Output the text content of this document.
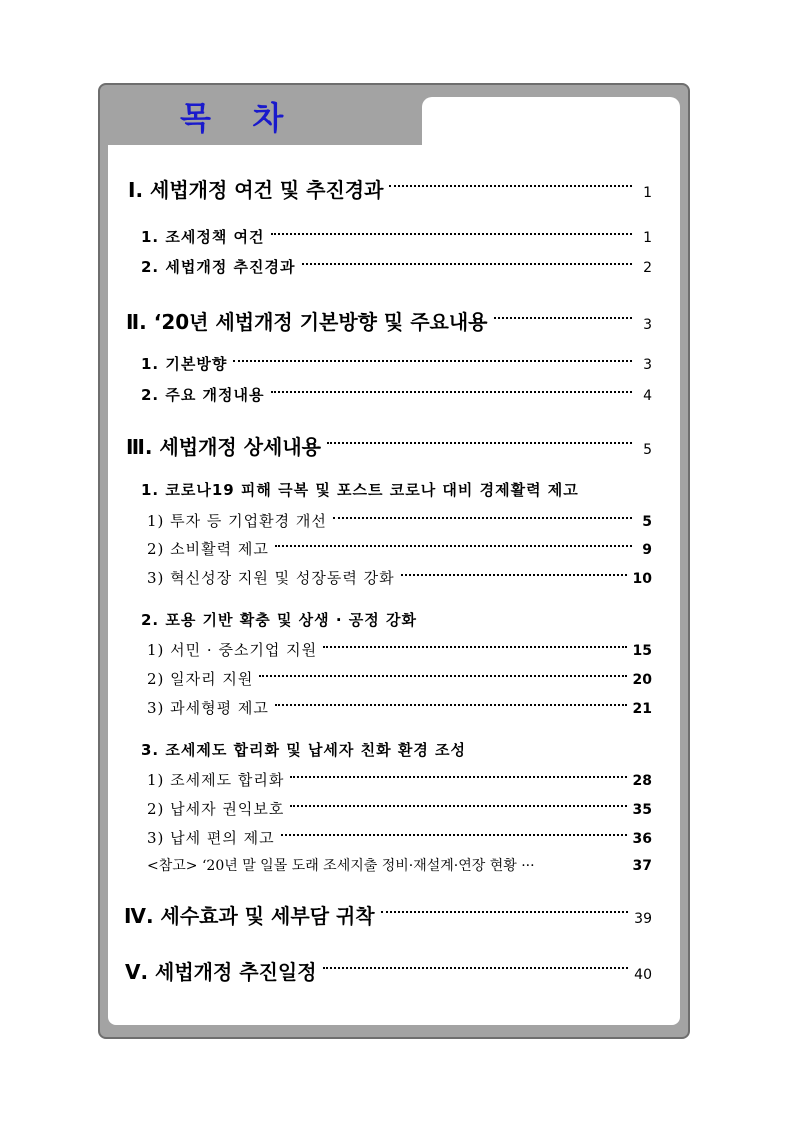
목   차
Ⅰ. 세법개정 여건 및 추진경과	1
1. 조세정책 여건	1
2. 세법개정 추진경과	2
Ⅱ. ‘20년 세법개정 기본방향 및 주요내용	3
1. 기본방향	3
2. 주요 개정내용	4
Ⅲ. 세법개정 상세내용	5
1. 코로나19 피해 극복 및 포스트 코로나 대비 경제활력 제고
1) 투자 등 기업환경 개선	5
2) 소비활력 제고	9
3) 혁신성장 지원 및 성장동력 강화	10
2. 포용 기반 확충 및 상생 · 공정 강화
1) 서민 · 중소기업 지원	15
2) 일자리 지원	20
3) 과세형평 제고	21
3. 조세제도 합리화 및 납세자 친화 환경 조성
1) 조세제도 합리화	28
2) 납세자 권익보호	35
3) 납세 편의 제고	36
<참고> ‘20년 말 일몰 도래 조세지출 정비·재설계·연장 현황 ···	37
Ⅳ. 세수효과 및 세부담 귀착	39
Ⅴ. 세법개정 추진일정	40
